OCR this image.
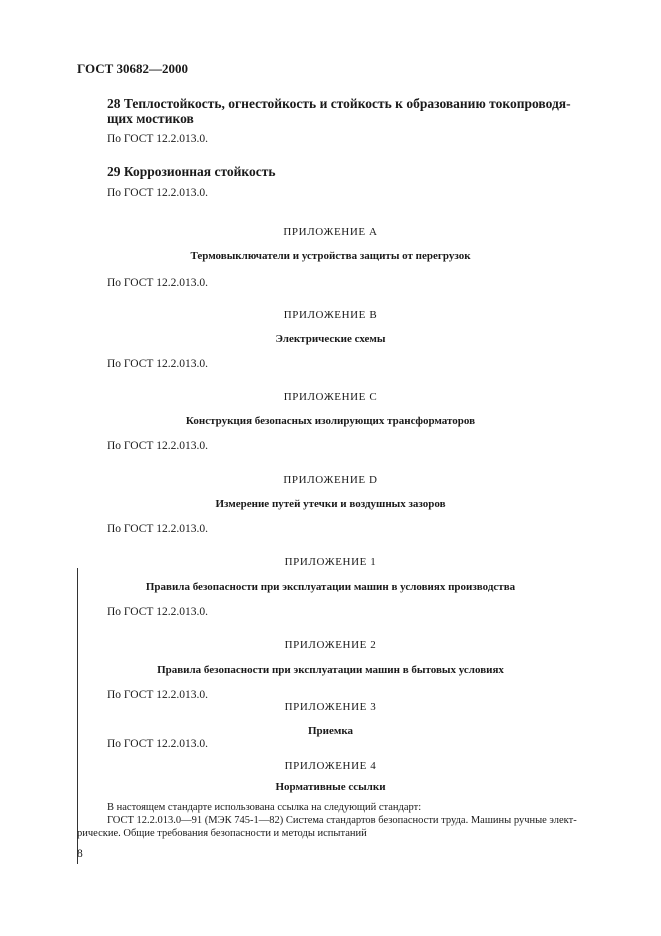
ГОСТ 30682—2000
28 Теплостойкость, огнестойкость и стойкость к образованию токопроводя-
щих мостиков
По ГОСТ 12.2.013.0.
29 Коррозионная стойкость
По ГОСТ 12.2.013.0.
ПРИЛОЖЕНИЕ А
Термовыключатели и устройства защиты от перегрузок
По ГОСТ 12.2.013.0.
ПРИЛОЖЕНИЕ В
Электрические схемы
По ГОСТ 12.2.013.0.
ПРИЛОЖЕНИЕ С
Конструкция безопасных изолирующих трансформаторов
По ГОСТ 12.2.013.0.
ПРИЛОЖЕНИЕ D
Измерение путей утечки и воздушных зазоров
По ГОСТ 12.2.013.0.
ПРИЛОЖЕНИЕ 1
Правила безопасности при эксплуатации машин в условиях производства
По ГОСТ 12.2.013.0.
ПРИЛОЖЕНИЕ 2
Правила безопасности при эксплуатации машин в бытовых условиях
По ГОСТ 12.2.013.0.
ПРИЛОЖЕНИЕ 3
Приемка
По ГОСТ 12.2.013.0.
ПРИЛОЖЕНИЕ 4
Нормативные ссылки
В настоящем стандарте использована ссылка на следующий стандарт:
ГОСТ 12.2.013.0—91 (МЭК 745-1—82) Система стандартов безопасности труда. Машины ручные элект-
рические. Общие требования безопасности и методы испытаний
8
